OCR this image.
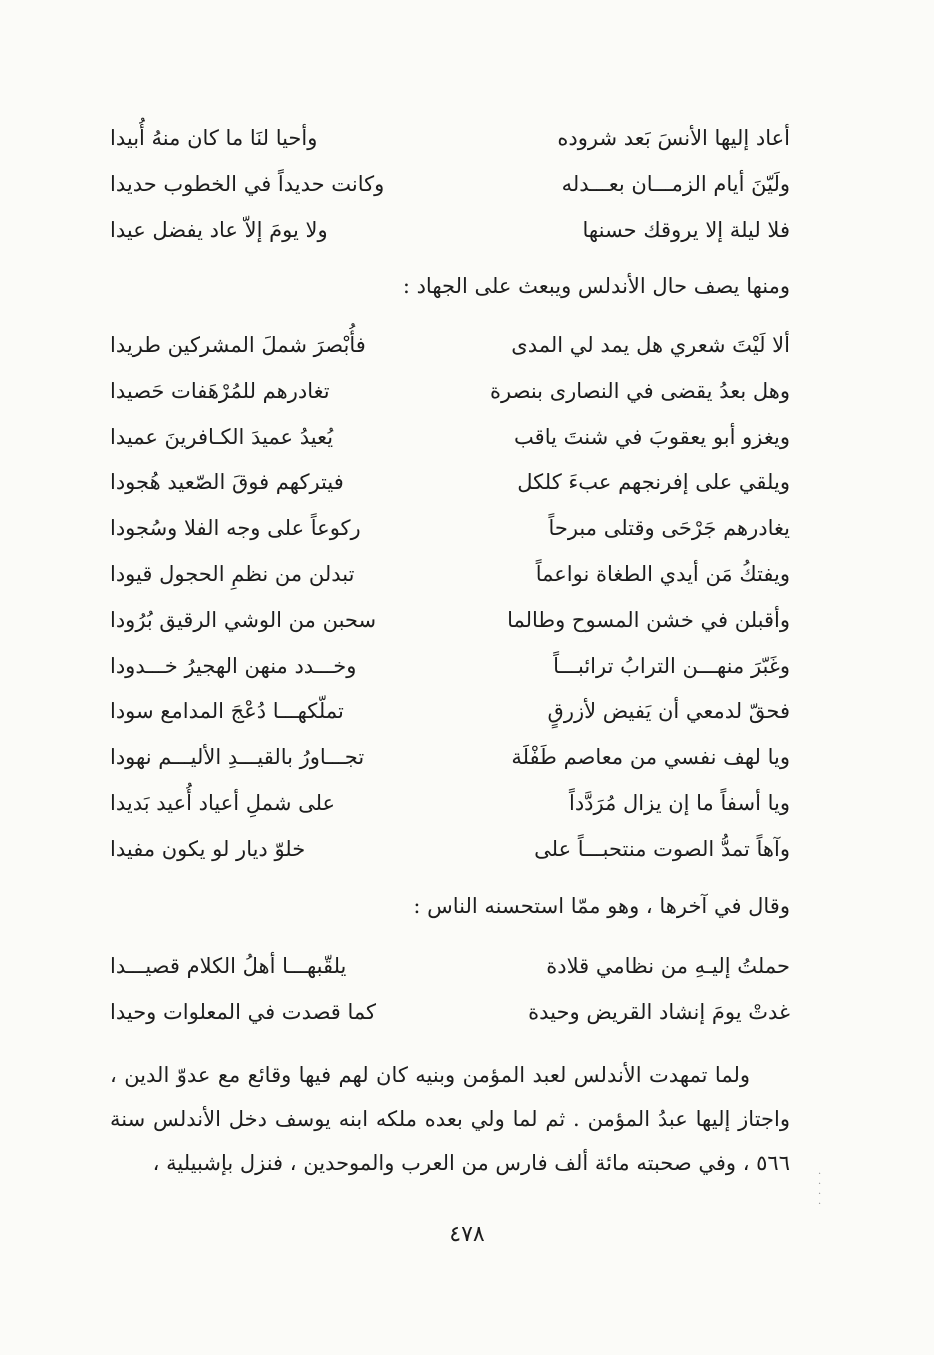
أعاد إليها الأنسَ بَعد شروده
وأحيا لنَا ما كان منهُ أُبيدا
ولَيّنَ أيام الزمـــان بعـــدله
وكانت حديداً في الخطوب حديدا
فلا ليلة إلا يروقك حسنها
ولا يومَ إلاّ عاد يفضل عيدا
ومنها يصف حال الأندلس ويبعث على الجهاد :
ألا لَيْتَ شعري هل يمد لي المدى
فأُبْصرَ شملَ المشركين طريدا
وهل بعدُ يقضى في النصارى بنصرة
تغادرهم للمُرْهَفات حَصيدا
ويغزو أبو يعقوبَ في شنتَ ياقب
يُعيدُ عميدَ الكـافرينَ عميدا
ويلقي على إفرنجهم عبءَ كلكل
فيتركهم فوقَ الصّعيد هُجودا
يغادرهم جَرْحَى وقتلى مبرحاً
ركوعاً على وجه الفلا وسُجودا
ويفتكُ مَن أيدي الطغاة نواعماً
تبدلن من نظمِ الحجول قيودا
وأقبلن في خشن المسوح وطالما
سحبن من الوشي الرقيق بُرُودا
وغَبّرَ منهـــن الترابُ ترائبـــاً
وخـــدد منهن الهجيرُ خـــدودا
فحقّ لدمعي أن يَفيض لأزرقٍ
تملّكهـــا دُعْجَ المدامع سودا
ويا لهف نفسي من معاصم طَفْلَة
تجـــاورُ بالقيـــدِ الأليـــم نهودا
ويا أسفاً ما إن يزال مُرَدَّداً
على شملِ أعياد أُعيد بَديدا
وآهاً تمدُّ الصوت منتحبـــاً على
خلوّ ديار لو يكون مفيدا
وقال في آخرها ، وهو ممّا استحسنه الناس :
حملتُ إليـهِ من نظامي قلادة
يلقّبهـــا أهلُ الكلام قصيـــدا
غدتْ يومَ إنشاد القريض وحيدة
كما قصدت في المعلوات وحيدا

ولما تمهدت الأندلس لعبد المؤمن وبنيه كان لهم فيها وقائع مع عدوّ الدين ، واجتاز إليها عبدُ المؤمن . ثم لما ولي بعده ملكه ابنه يوسف دخل الأندلس سنة ٥٦٦ ، وفي صحبته مائة ألف فارس من العرب والموحدين ، فنزل بإشبيلية ،	·
·
·
·
٤٧٨
